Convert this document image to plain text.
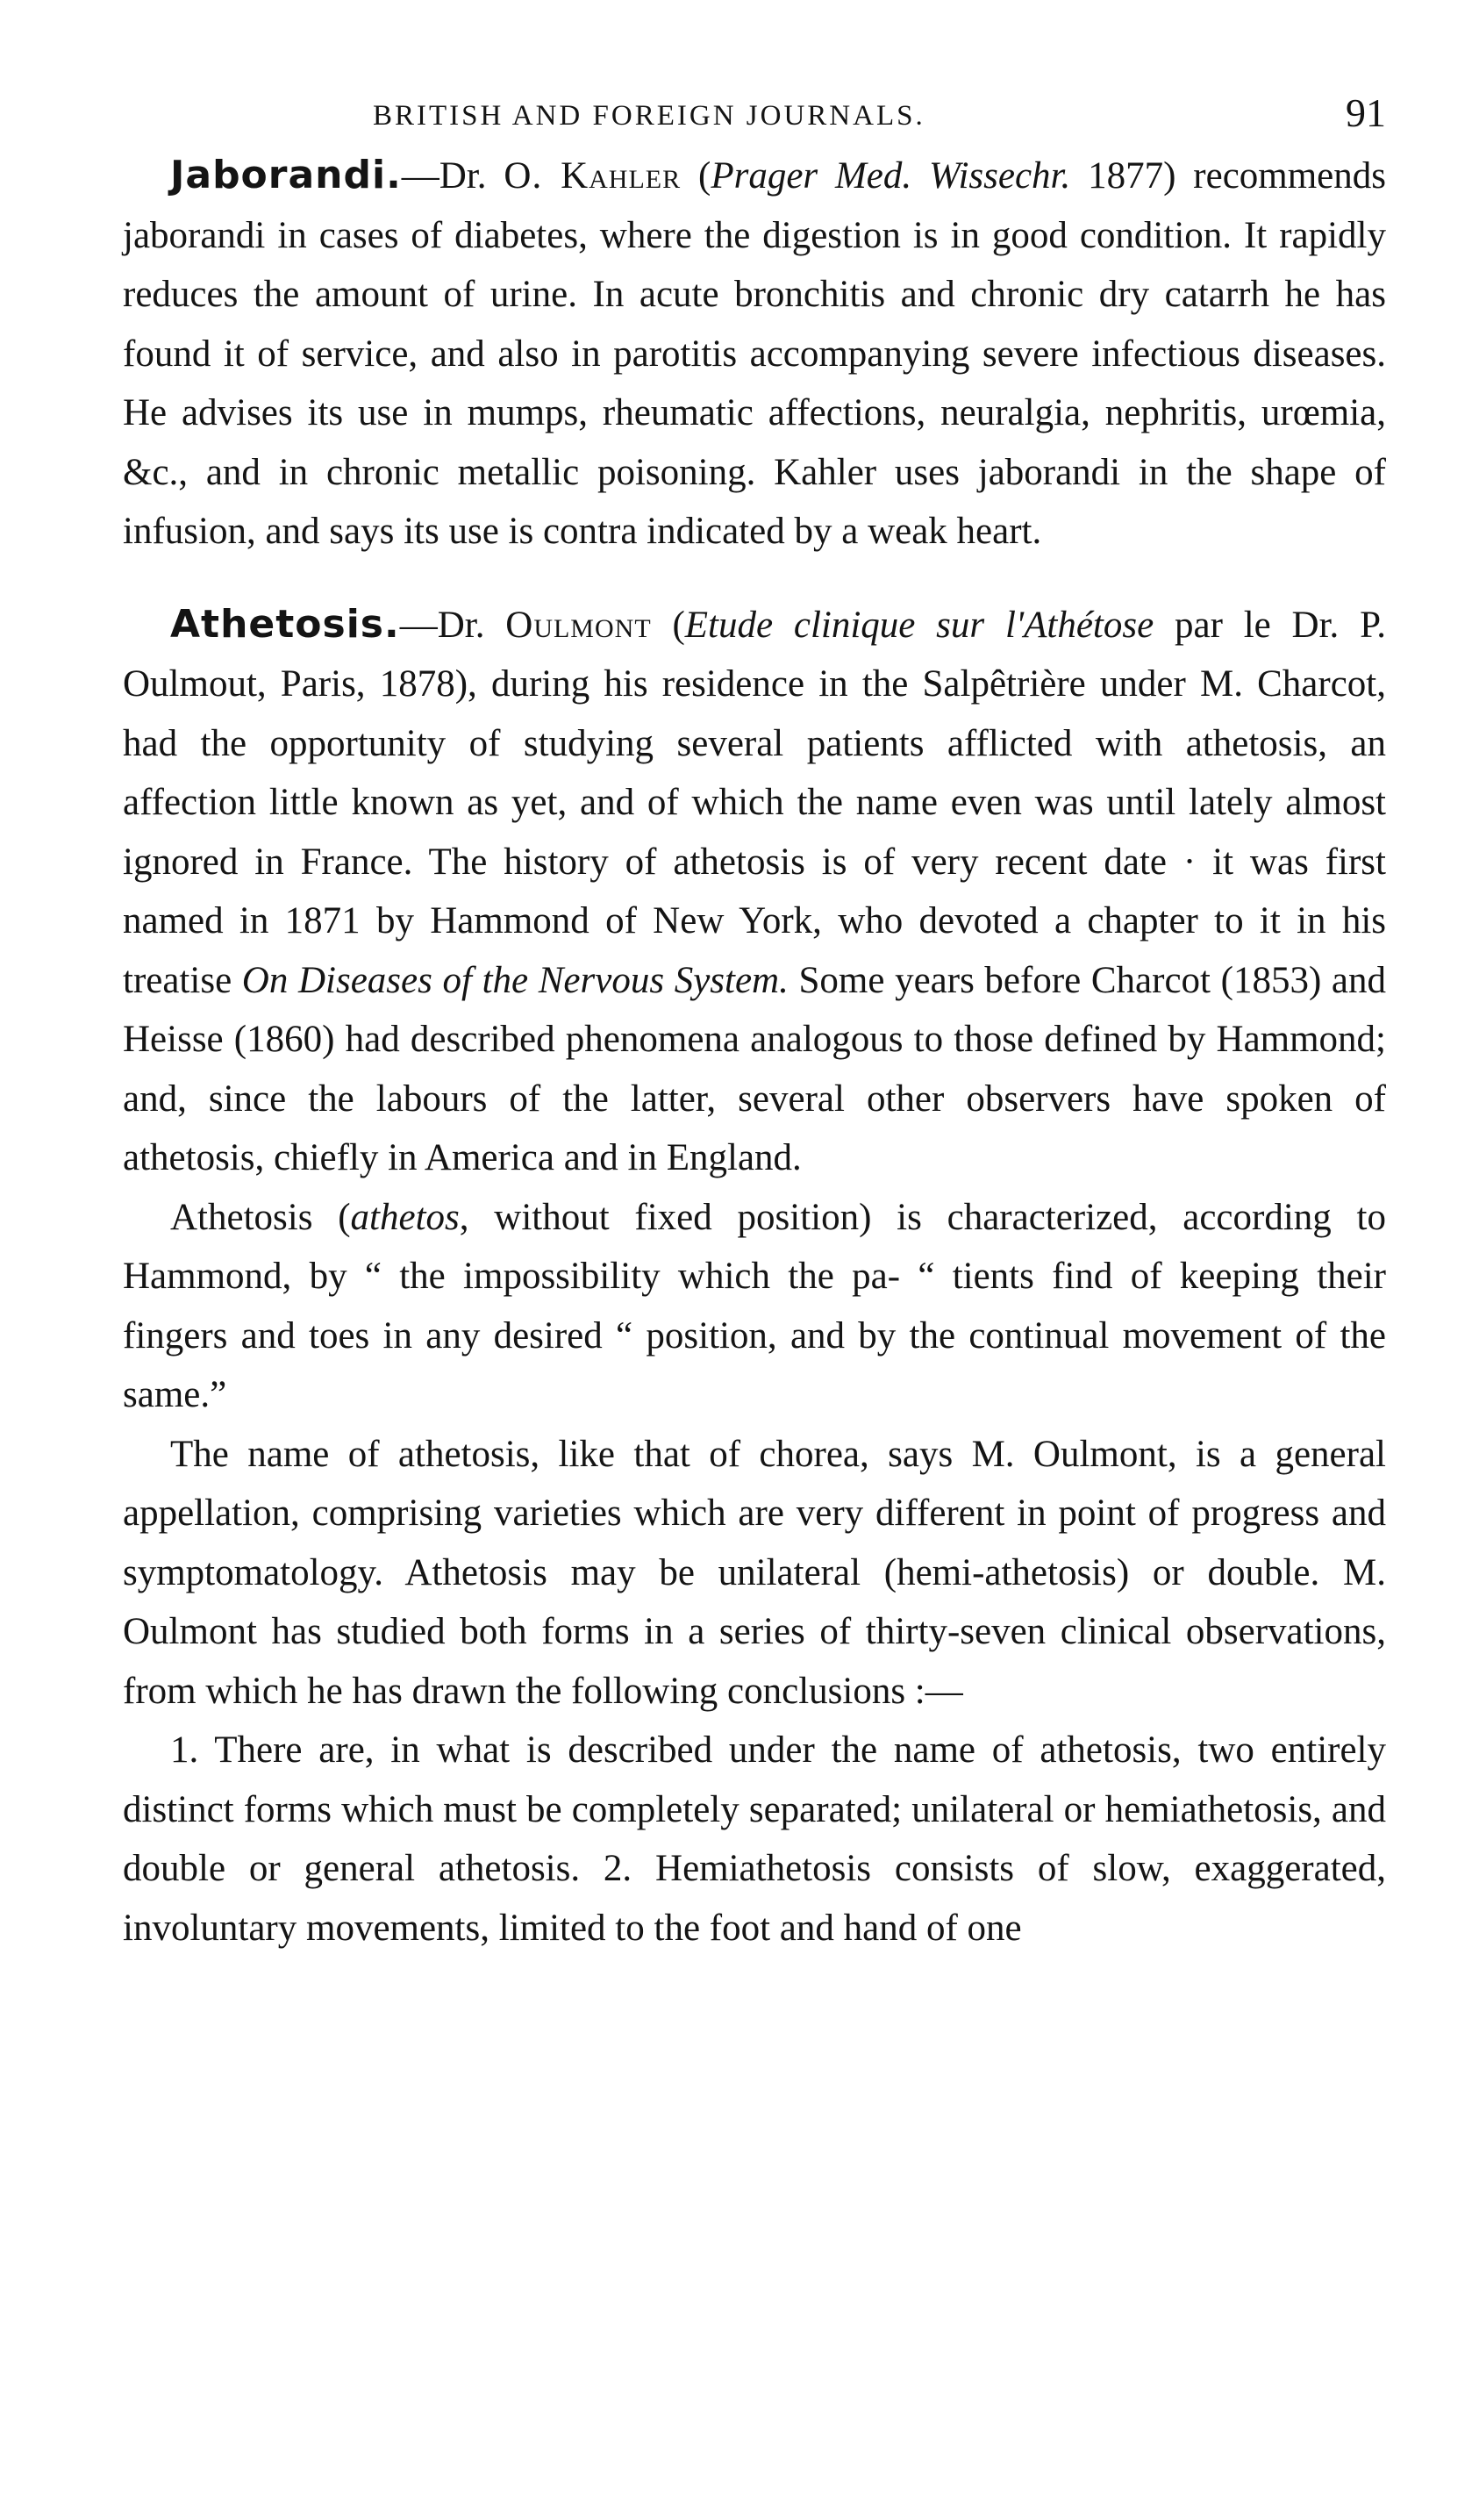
BRITISH AND FOREIGN JOURNALS.	91

Jaborandi.—Dr. O. Kahler (Prager Med. Wissechr. 1877) recommends jaborandi in cases of diabetes, where the digestion is in good condition. It rapidly reduces the amount of urine. In acute bronchitis and chronic dry catarrh he has found it of service, and also in parotitis accompanying severe infectious diseases. He advises its use in mumps, rheumatic affections, neuralgia, nephritis, urœmia, &c., and in chronic metallic poisoning. Kahler uses jaborandi in the shape of infusion, and says its use is contra indicated by a weak heart.

Athetosis.—Dr. Oulmont (Etude clinique sur l'Athétose par le Dr. P. Oulmout, Paris, 1878), during his residence in the Salpêtrière under M. Charcot, had the opportunity of studying several patients afflicted with athetosis, an affection little known as yet, and of which the name even was until lately almost ignored in France. The history of athetosis is of very recent date · it was first named in 1871 by Hammond of New York, who devoted a chapter to it in his treatise On Diseases of the Nervous System. Some years before Charcot (1853) and Heisse (1860) had described phenomena analogous to those defined by Hammond; and, since the labours of the latter, several other observers have spoken of athetosis, chiefly in America and in England.

Athetosis (athetos, without fixed position) is characterized, according to Hammond, by “ the impossibility which the pa- “ tients find of keeping their fingers and toes in any desired “ position, and by the continual movement of the same.”

The name of athetosis, like that of chorea, says M. Oulmont, is a general appellation, comprising varieties which are very different in point of progress and symptomatology. Athetosis may be unilateral (hemi-athetosis) or double. M. Oulmont has studied both forms in a series of thirty-seven clinical observations, from which he has drawn the following conclusions :—

1. There are, in what is described under the name of athetosis, two entirely distinct forms which must be completely separated; unilateral or hemiathetosis, and double or general athetosis. 2. Hemiathetosis consists of slow, exaggerated, involuntary movements, limited to the foot and hand of one
